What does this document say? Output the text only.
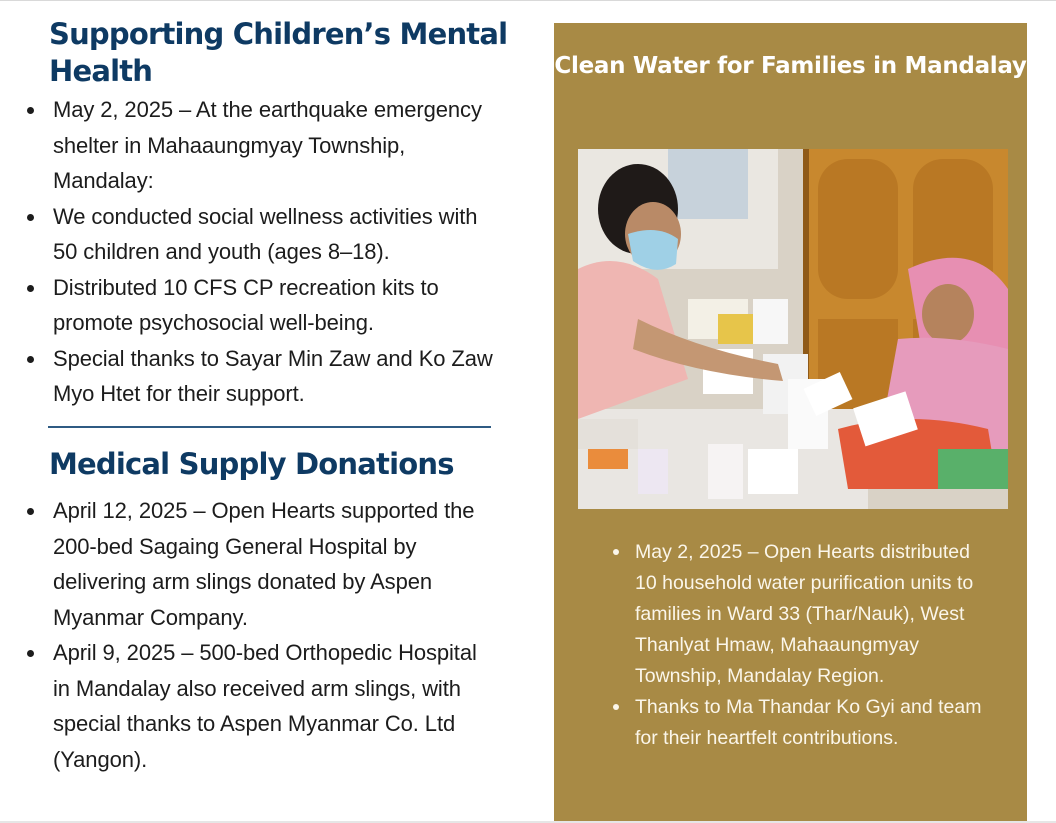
Supporting Children’s Mental Health
May 2, 2025 – At the earthquake emergency shelter in Mahaaungmyay Township, Mandalay:
We conducted social wellness activities with 50 children and youth (ages 8–18).
Distributed 10 CFS CP recreation kits to promote psychosocial well-being.
Special thanks to Sayar Min Zaw and Ko Zaw Myo Htet for their support.
Medical Supply Donations
April 12, 2025 – Open Hearts supported the 200-bed Sagaing General Hospital by delivering arm slings donated by Aspen Myanmar Company.
April 9, 2025 – 500-bed Orthopedic Hospital in Mandalay also received arm slings, with special thanks to Aspen Myanmar Co. Ltd (Yangon).
Clean Water for Families in Mandalay
May 2, 2025 – Open Hearts distributed 10 household water purification units to families in Ward 33 (Thar/Nauk), West Thanlyat Hmaw, Mahaaungmyay Township, Mandalay Region.
Thanks to Ma Thandar Ko Gyi and team for their heartfelt contributions.
